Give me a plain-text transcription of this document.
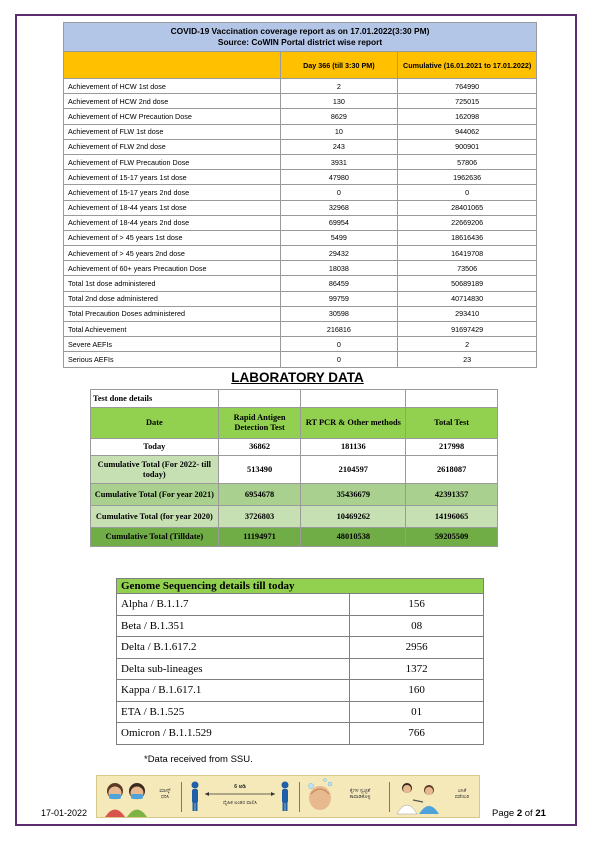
COVID-19 Vaccination coverage report as on 17.01.2022(3:30 PM)
Source: CoWIN Portal district wise report		

	Day 366 (till 3:30 PM)	Cumulative (16.01.2021 to 17.01.2022)
Achievement of HCW 1st dose	2	764990
Achievement of HCW 2nd dose	130	725015
Achievement of HCW Precaution Dose	8629	162098
Achievement of FLW 1st dose	10	944062
Achievement of FLW 2nd dose	243	900901
Achievement of FLW Precaution Dose	3931	57806
Achievement of 15-17 years 1st dose	47980	1962636
Achievement of 15-17 years 2nd dose	0	0
Achievement of 18-44 years 1st dose	32968	28401065
Achievement of 18-44 years 2nd dose	69954	22669206
Achievement of > 45 years 1st dose	5499	18616436
Achievement of > 45 years 2nd dose	29432	16419708
Achievement of 60+ years Precaution Dose	18038	73506
Total 1st dose administered	86459	50689189
Total 2nd dose administered	99759	40714830
Total Precaution Doses administered	30598	293410
Total Achievement	216816	91697429
Severe AEFIs	0	2
Serious AEFIs	0	23
LABORATORY DATA
Test done details			
Date	Rapid Antigen Detection Test	RT PCR & Other methods	Total Test
Today	36862	181136	217998
Cumulative Total (For 2022- till today)	513490	2104597	2618087
Cumulative Total (For year 2021)	6954678	35436679	42391357
Cumulative Total (for year 2020)	3726803	10469262	14196065
Cumulative Total (Tilldate)	11194971	48010538	59205509
Genome Sequencing details till today	
Alpha / B.1.1.7	156
Beta / B.1.351	08
Delta / B.1.617.2	2956
Delta sub-lineages	1372
Kappa / B.1.617.1	160
ETA / B.1.525	01
Omicron / B.1.1.529	766
*Data received from SSU.
ಮಾಸ್ಕ್
ಧರಿಸಿ
6 ಅಡಿ
ದೈಹಿಕ ಅಂತರ ಪಾಲಿಸಿ
ಕೈಗಳ ಸ್ವಚ್ಛತೆ
ಕಾಪಾಡಿಕೊಳ್ಳಿ
ಲಸಿಕೆ
ಪಡೆಯಿರಿ
17-01-2022	Page 2 of 21
